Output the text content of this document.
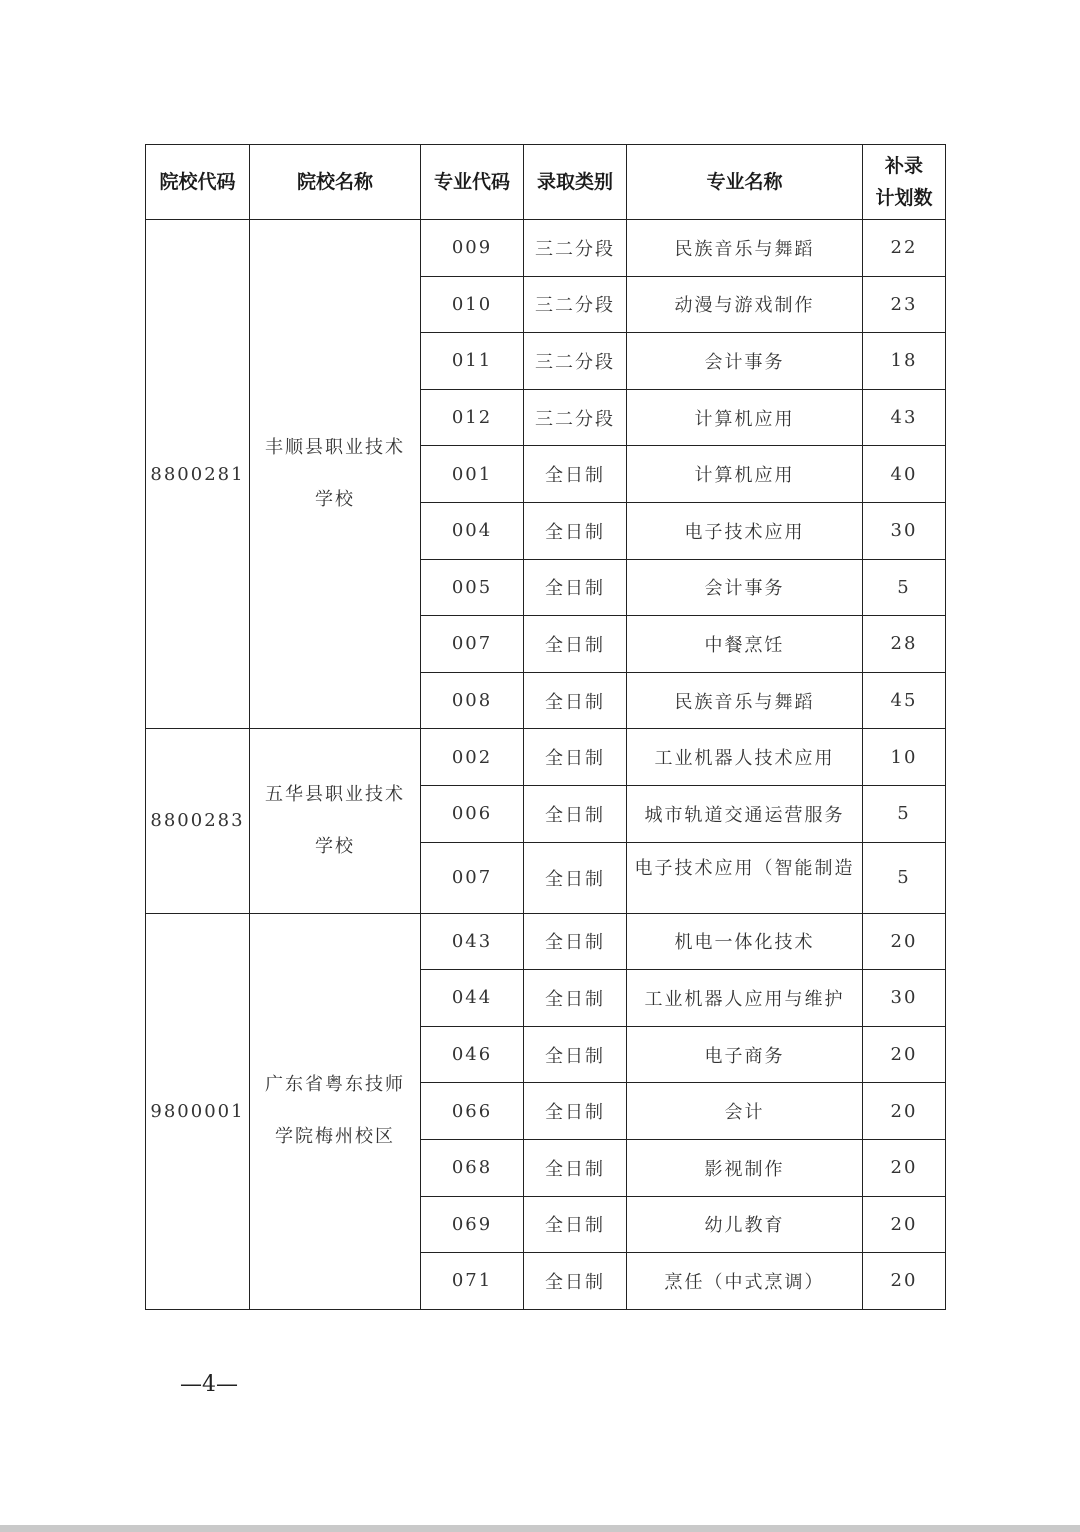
院校代码	院校名称	专业代码	录取类别	专业名称	补录
计划数
8800281	丰顺县职业技术学校	009	三二分段	民族音乐与舞蹈	22
		010	三二分段	动漫与游戏制作	23
		011	三二分段	会计事务	18
		012	三二分段	计算机应用	43
		001	全日制	计算机应用	40
		004	全日制	电子技术应用	30
		005	全日制	会计事务	5
		007	全日制	中餐烹饪	28
		008	全日制	民族音乐与舞蹈	45
8800283	五华县职业技术学校	002	全日制	工业机器人技术应用	10
		006	全日制	城市轨道交通运营服务	5
		007	全日制	电子技术应用（智能制造	5
9800001	广东省粤东技师学院梅州校区	043	全日制	机电一体化技术	20
		044	全日制	工业机器人应用与维护	30
		046	全日制	电子商务	20
		066	全日制	会计	20
		068	全日制	影视制作	20
		069	全日制	幼儿教育	20
		071	全日制	烹任（中式烹调）	20
—4—
